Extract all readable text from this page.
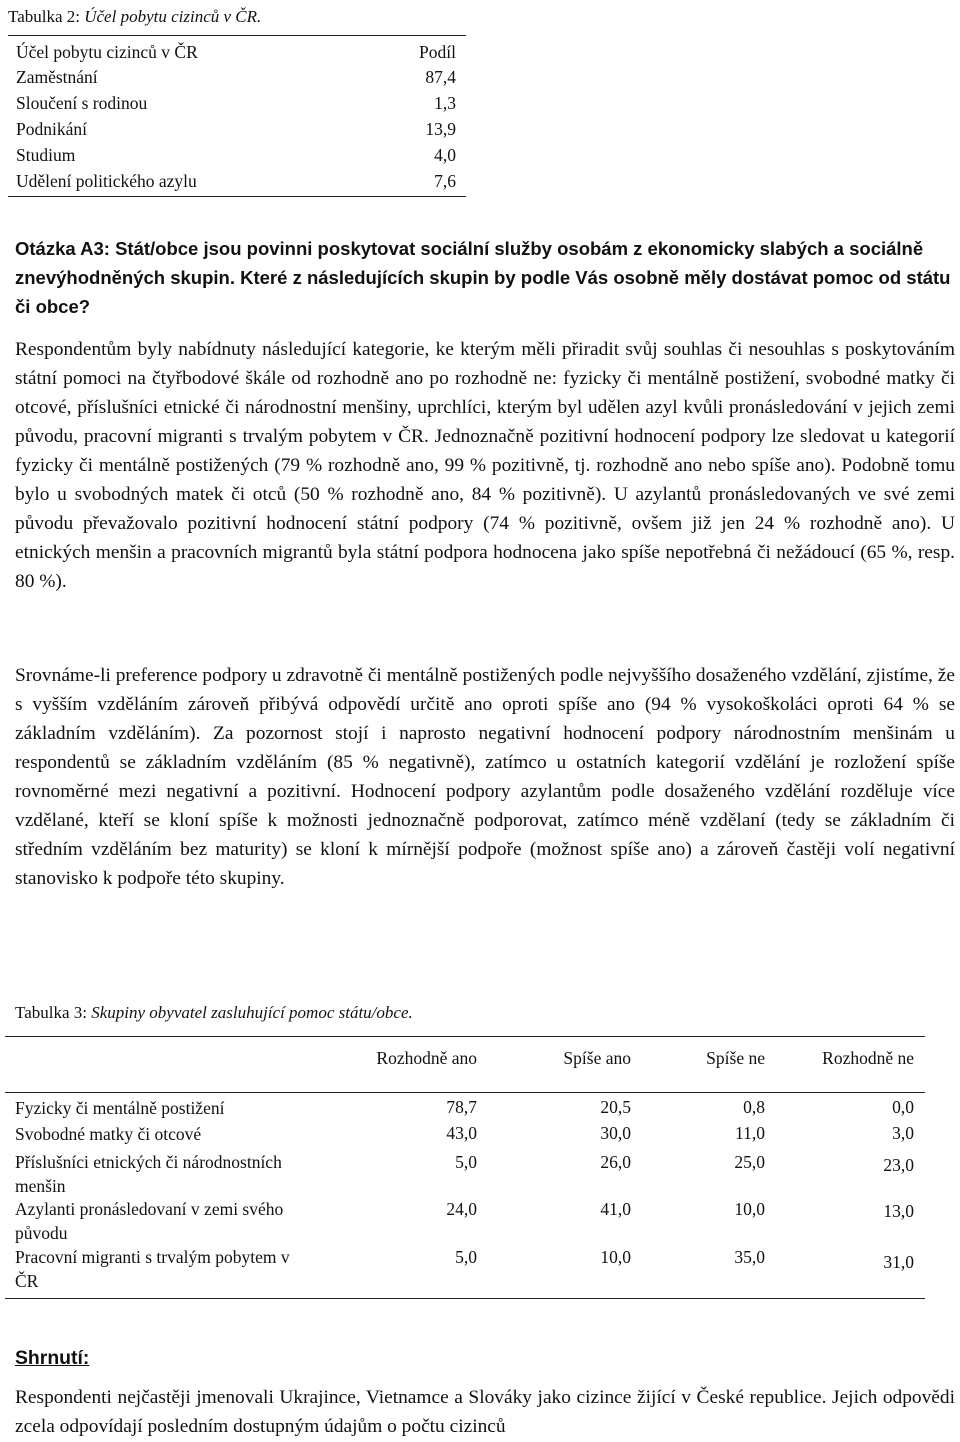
Tabulka 2: Účel pobytu cizinců v ČR.
Účel pobytu cizinců v ČR	Podíl
Zaměstnání	87,4
Sloučení s rodinou	1,3
Podnikání	13,9
Studium	4,0
Udělení politického azylu	7,6
Otázka A3: Stát/obce jsou povinni poskytovat sociální služby osobám z ekonomicky slabých a sociálně znevýhodněných skupin. Které z následujících skupin by podle Vás osobně měly dostávat pomoc od státu či obce?

Respondentům byly nabídnuty následující kategorie, ke kterým měli přiradit svůj souhlas či nesouhlas s poskytováním státní pomoci na čtyřbodové škále od rozhodně ano po rozhodně ne: fyzicky či mentálně postižení, svobodné matky či otcové, příslušníci etnické či národnostní menšiny, uprchlíci, kterým byl udělen azyl kvůli pronásledování v jejich zemi původu, pracovní migranti s trvalým pobytem v ČR. Jednoznačně pozitivní hodnocení podpory lze sledovat u kategorií fyzicky či mentálně postižených (79 % rozhodně ano, 99 % pozitivně, tj. rozhodně ano nebo spíše ano). Podobně tomu bylo u svobodných matek či otců (50 % rozhodně ano, 84 % pozitivně). U azylantů pronásledovaných ve své zemi původu převažovalo pozitivní hodnocení státní podpory (74 % pozitivně, ovšem již jen 24 % rozhodně ano). U etnických menšin a pracovních migrantů byla státní podpora hodnocena jako spíše nepotřebná či nežádoucí (65 %, resp. 80 %).

Srovnáme-li preference podpory u zdravotně či mentálně postižených podle nejvyššího dosaženého vzdělání, zjistíme, že s vyšším vzděláním zároveň přibývá odpovědí určitě ano oproti spíše ano (94 % vysokoškoláci oproti 64 % se základním vzděláním). Za pozornost stojí i naprosto negativní hodnocení podpory národnostním menšinám u respondentů se základním vzděláním (85 % negativně), zatímco u ostatních kategorií vzdělání je rozložení spíše rovnoměrné mezi negativní a pozitivní. Hodnocení podpory azylantům podle dosaženého vzdělání rozděluje více vzdělané, kteří se kloní spíše k možnosti jednoznačně podporovat, zatímco méně vzdělaní (tedy se základním či středním vzděláním bez maturity) se kloní k mírnější podpoře (možnost spíše ano) a zároveň častěji volí negativní stanovisko k podpoře této skupiny.

Tabulka 3: Skupiny obyvatel zasluhující pomoc státu/obce.
Rozhodně ano	Spíše ano	Spíše ne	Rozhodně ne
Fyzicky či mentálně postižení	78,7	20,5	0,8	0,0
Svobodné matky či otcové	43,0	30,0	11,0	3,0
Příslušníci etnických či národnostních menšin
5,0	26,0	25,0	23,0
Azylanti pronásledovaní v zemi svého původu
24,0	41,0	10,0	13,0
Pracovní migranti s trvalým pobytem v ČR
5,0	10,0	35,0	31,0
Shrnutí:

Respondenti nejčastěji jmenovali Ukrajince, Vietnamce a Slováky jako cizince žijící v České republice. Jejich odpovědi zcela odpovídají posledním dostupným údajům o počtu cizinců
